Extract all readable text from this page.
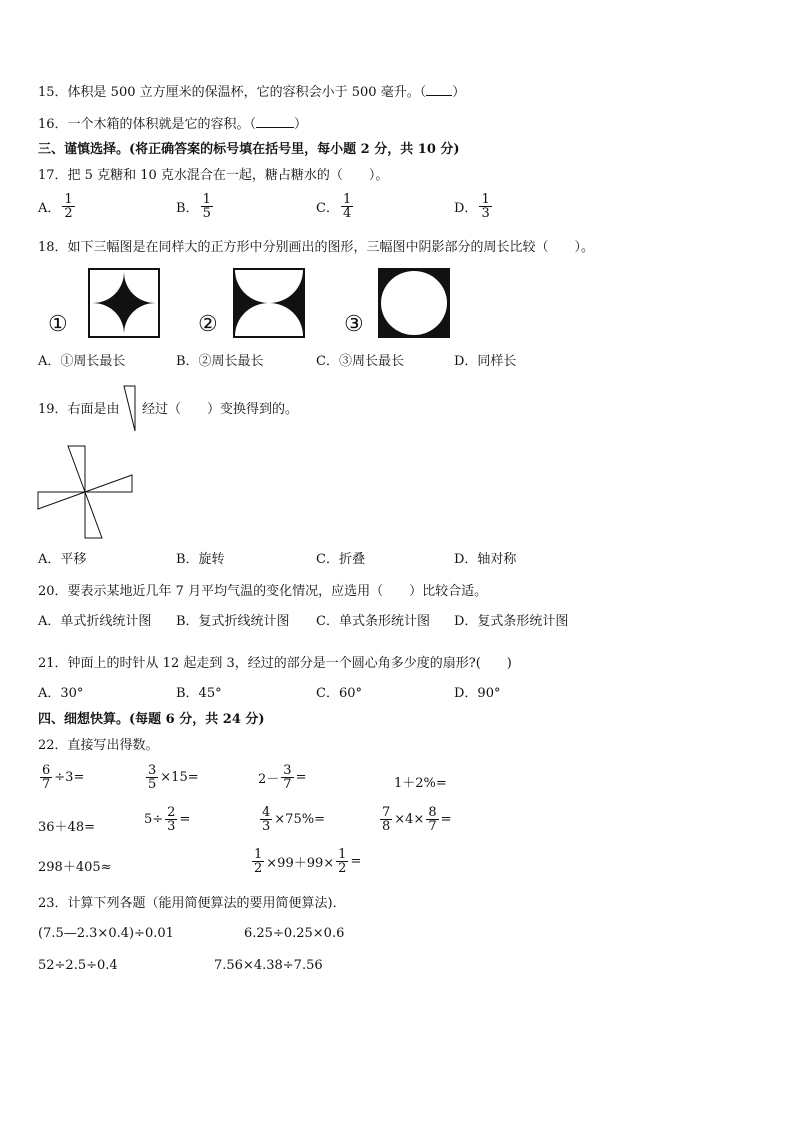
15．体积是 500 立方厘米的保温杯，它的容积会小于 500 毫升。（ ）
16．一个木箱的体积就是它的容积。（	）
三、谨慎选择。(将正确答案的标号填在括号里，每小题 2 分，共 10 分)
17．把 5 克糖和 10 克水混合在一起，糖占糖水的（　　）。
A． $\frac{1}{2}$	B． $\frac{1}{5}$	C． $\frac{1}{4}$	D． $\frac{1}{3}$
18．如下三幅图是在同样大的正方形中分别画出的图形，三幅图中阴影部分的周长比较（　　）。
①	②	③
A．①周长最长	B．②周长最长	C．③周长最长	D．同样长
19．右面是由 经过（　　）变换得到的。
A．平移	B．旋转	C．折叠	D．轴对称
20．要表示某地近几年 7 月平均气温的变化情况，应选用（　　）比较合适。
A．单式折线统计图 B．复式折线统计图 C．单式条形统计图 D．复式条形统计图
21．钟面上的时针从 12 起走到 3，经过的部分是一个圆心角多少度的扇形?(　　)
A．30°	B．45°	C．60°	D．90°
四、细想快算。(每题 6 分，共 24 分)
22．直接写出得数。
$\frac{6}{7} \div 3=$	$\frac{3}{5} \times 15=$	$2- \frac{3}{7}$ =	1＋2%=
36＋48=
$5\div \frac{2}{3}$ =	$\frac{4}{3} \times 75\%=$	$\frac{7}{8} \times 4\times \frac{8}{7}$ =
298＋405≈	$\frac{1}{2} \times 99+99\times \frac{1}{2}$ =
23．计算下列各题（能用简便算法的要用简便算法)．
(7.5—2.3×0.4)÷0.01	6.25÷0.25×0.6
52÷2.5÷0.4	7.56×4.38÷7.56
